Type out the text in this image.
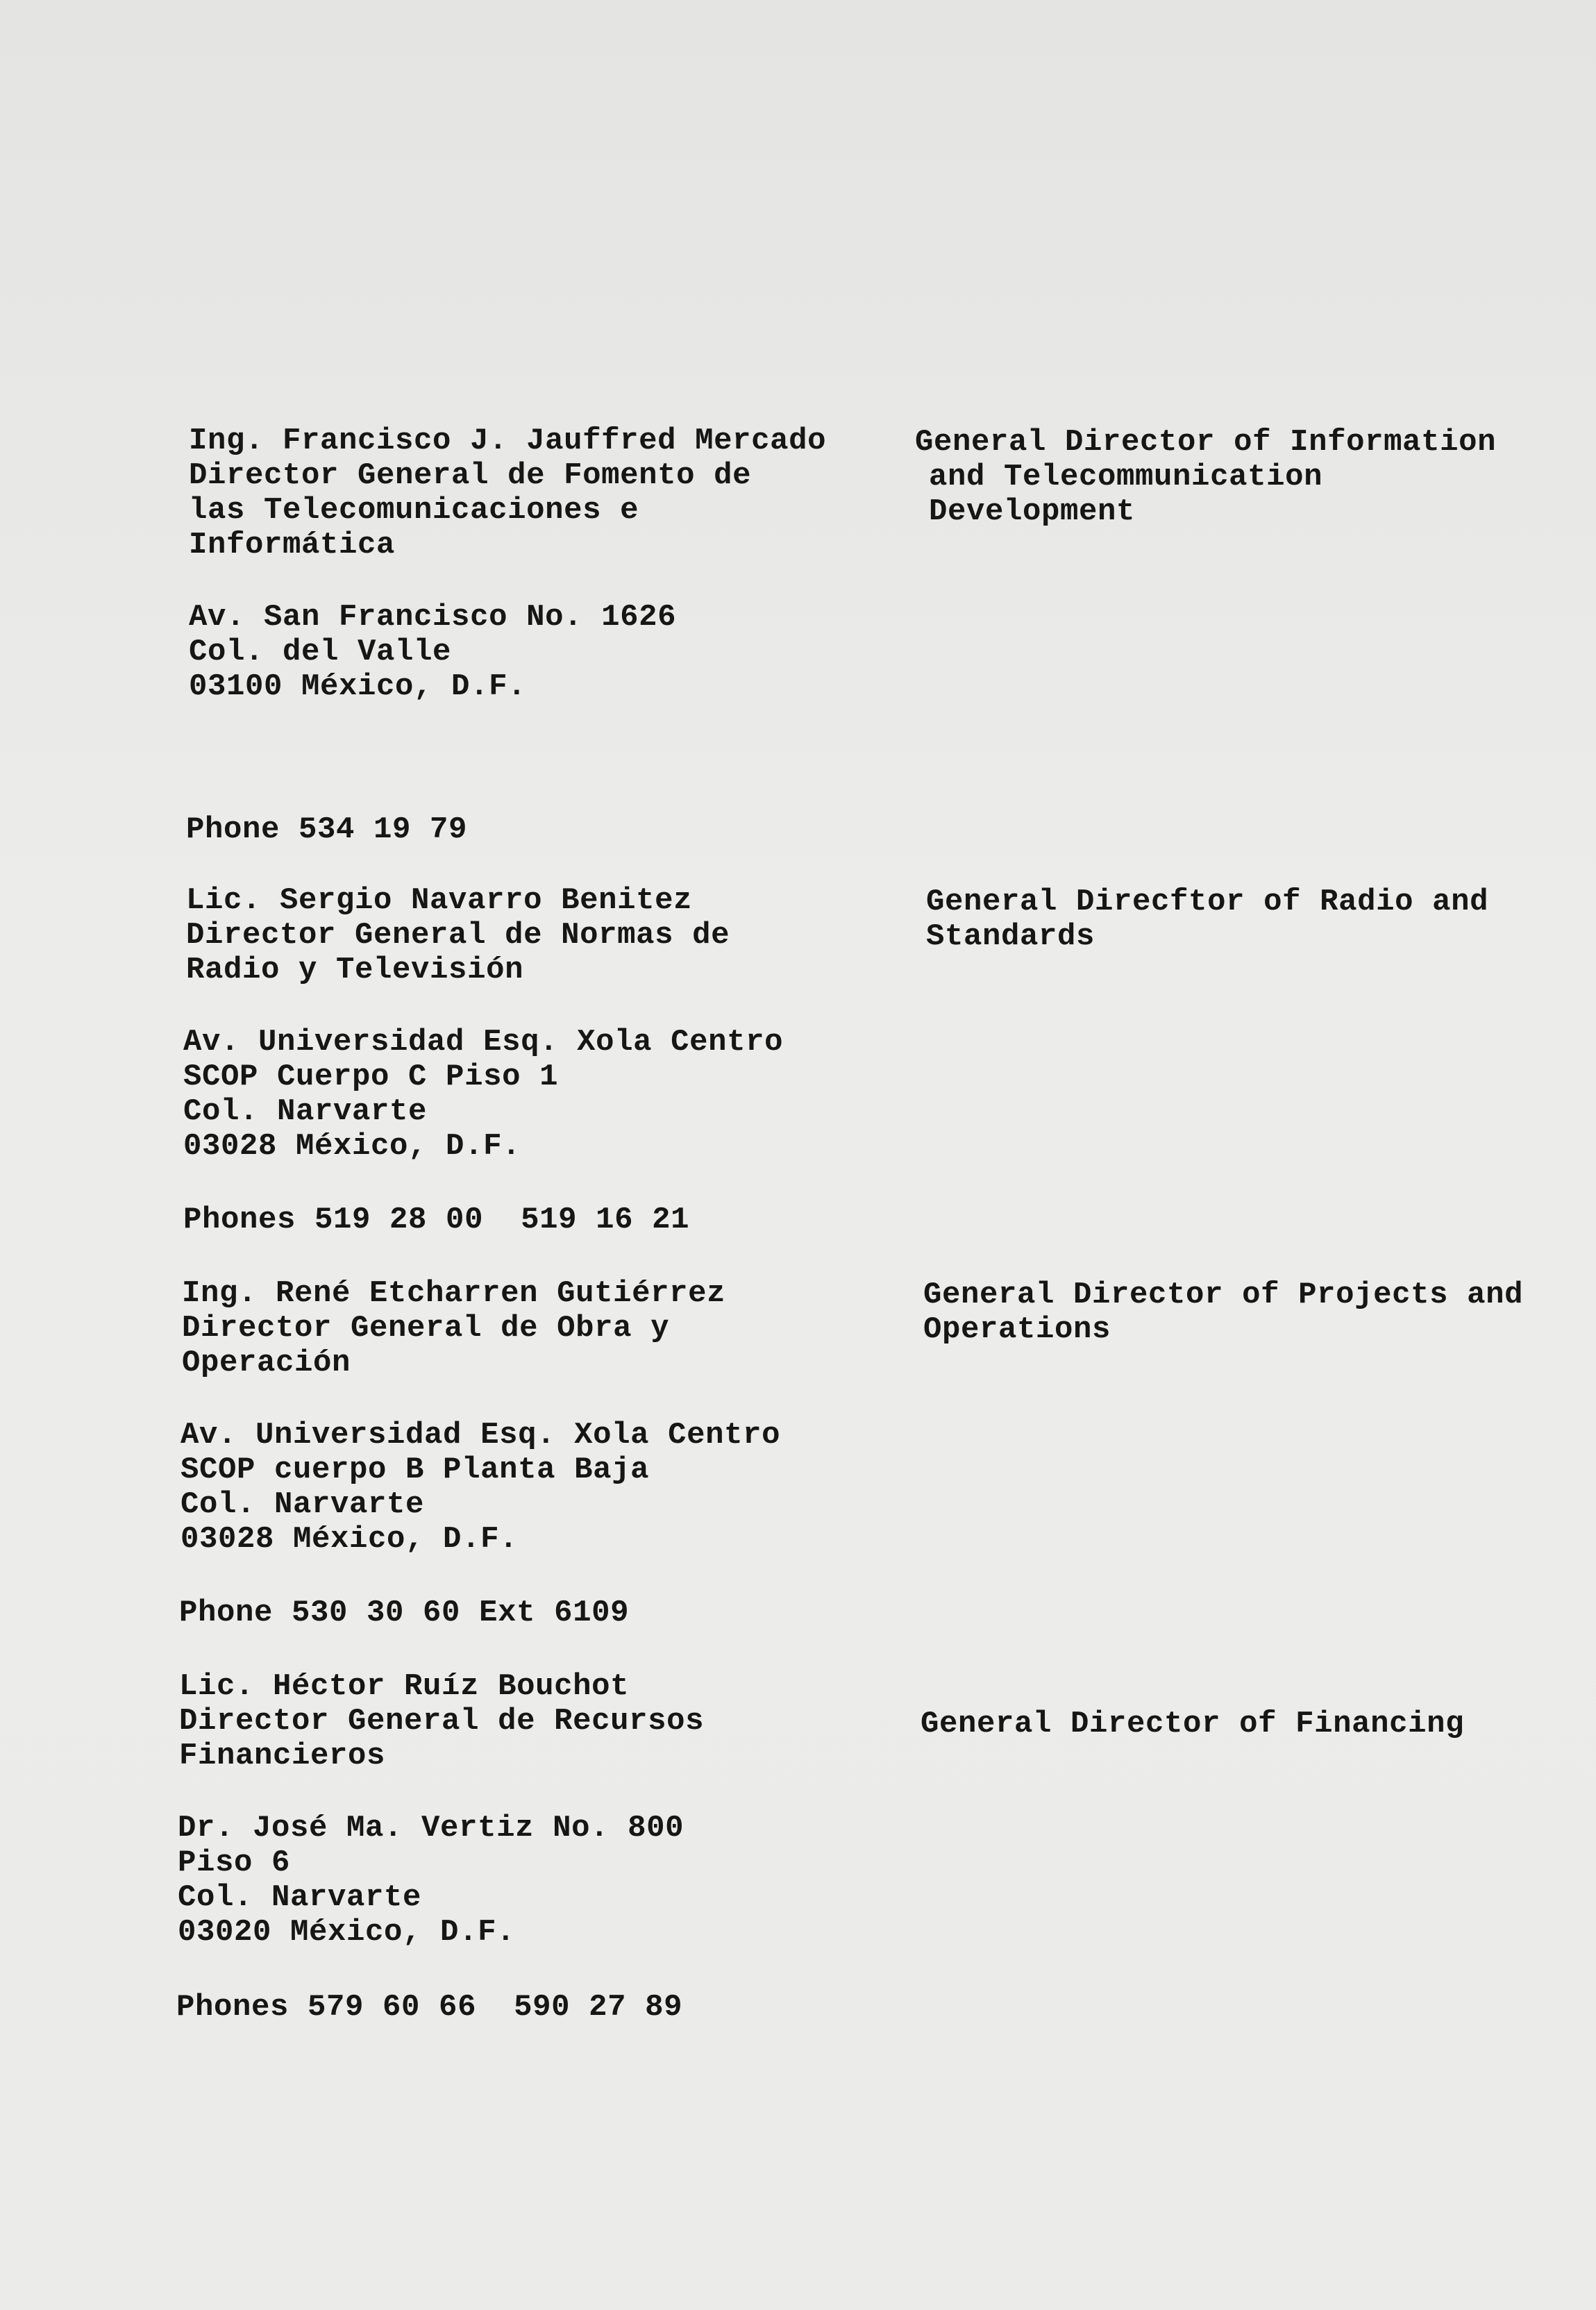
Ing. Francisco J. Jauffred Mercado
Director General de Fomento de
las Telecomunicaciones e
Informática
Av. San Francisco No. 1626
Col. del Valle
03100 México, D.F.
Phone 534 19 79
General Director of Information
and Telecommunication
Development
Lic. Sergio Navarro Benitez
Director General de Normas de
Radio y Televisión
Av. Universidad Esq. Xola Centro
SCOP Cuerpo C Piso 1
Col. Narvarte
03028 México, D.F.
Phones 519 28 00  519 16 21
General Direcftor of Radio and
Standards
Ing. René Etcharren Gutiérrez
Director General de Obra y
Operación
Av. Universidad Esq. Xola Centro
SCOP cuerpo B Planta Baja
Col. Narvarte
03028 México, D.F.
Phone 530 30 60 Ext 6109
General Director of Projects and
Operations
Lic. Héctor Ruíz Bouchot
Director General de Recursos
Financieros
Dr. José Ma. Vertiz No. 800
Piso 6
Col. Narvarte
03020 México, D.F.
Phones 579 60 66  590 27 89
General Director of Financing
